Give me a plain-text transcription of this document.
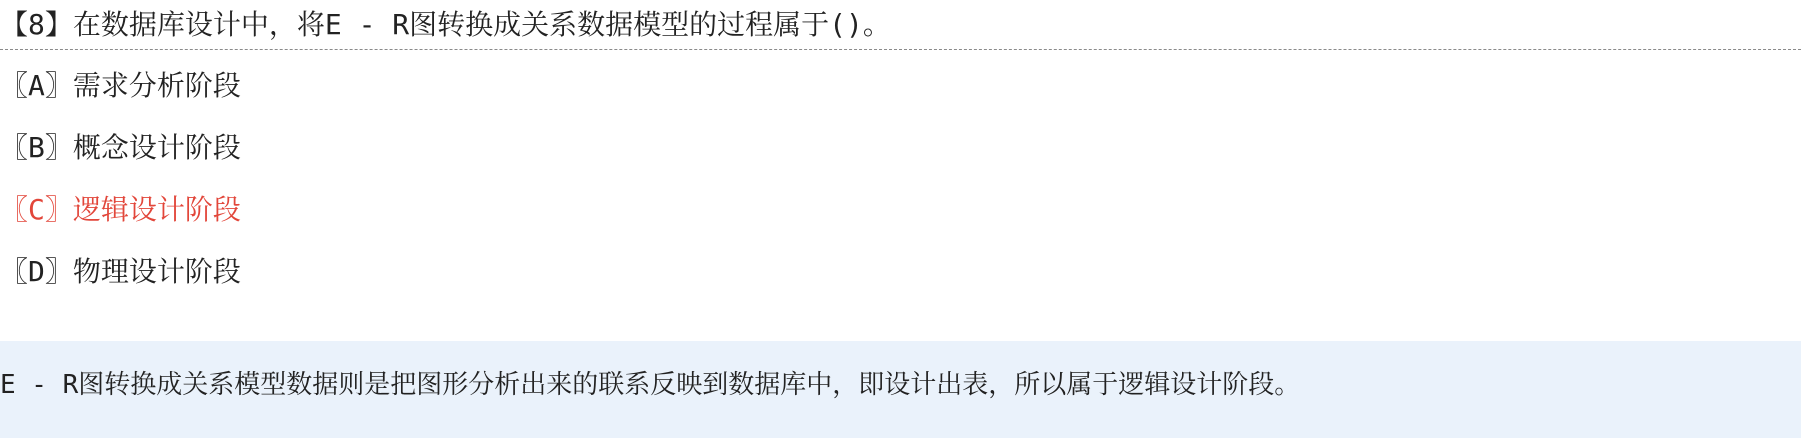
【8】在数据库设计中，将E - R图转换成关系数据模型的过程属于()。
〖A〗需求分析阶段
〖B〗概念设计阶段
〖C〗逻辑设计阶段
〖D〗物理设计阶段
E - R图转换成关系模型数据则是把图形分析出来的联系反映到数据库中，即设计出表，所以属于逻辑设计阶段。
